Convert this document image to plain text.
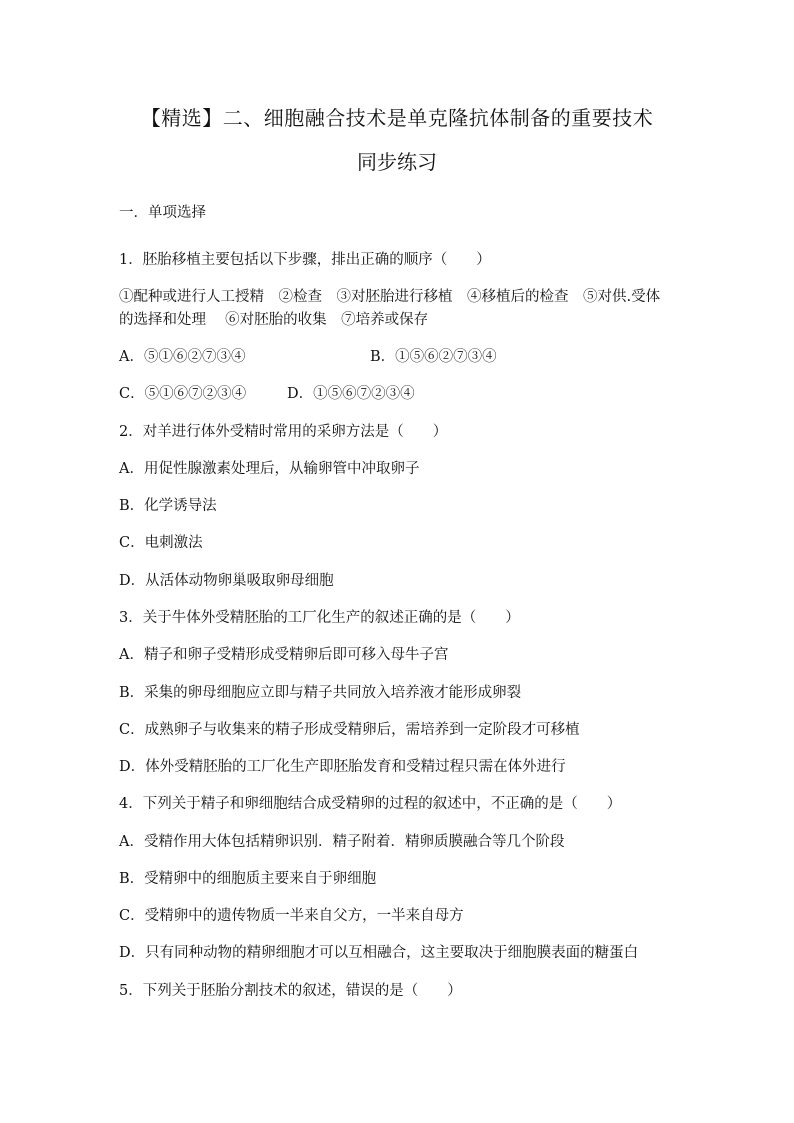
【精选】二、细胞融合技术是单克隆抗体制备的重要技术
同步练习
一．单项选择
1．胚胎移植主要包括以下步骤，排出正确的顺序（　　）
①配种或进行人工授精　②检查　③对胚胎进行移植　④移植后的检查　⑤对供.受体
的选择和处理　 ⑥对胚胎的收集　⑦培养或保存
A．⑤①⑥②⑦③④	B．①⑤⑥②⑦③④
C．⑤①⑥⑦②③④	D．①⑤⑥⑦②③④
2．对羊进行体外受精时常用的采卵方法是（　　）
A．用促性腺激素处理后，从输卵管中冲取卵子
B．化学诱导法
C．电刺激法
D．从活体动物卵巢吸取卵母细胞
3．关于牛体外受精胚胎的工厂化生产的叙述正确的是（　　）
A．精子和卵子受精形成受精卵后即可移入母牛子宫
B．采集的卵母细胞应立即与精子共同放入培养液才能形成卵裂
C．成熟卵子与收集来的精子形成受精卵后，需培养到一定阶段才可移植
D．体外受精胚胎的工厂化生产即胚胎发育和受精过程只需在体外进行
4．下列关于精子和卵细胞结合成受精卵的过程的叙述中，不正确的是（　　）
A．受精作用大体包括精卵识别．精子附着．精卵质膜融合等几个阶段
B．受精卵中的细胞质主要来自于卵细胞
C．受精卵中的遗传物质一半来自父方，一半来自母方
D．只有同种动物的精卵细胞才可以互相融合，这主要取决于细胞膜表面的糖蛋白
5．下列关于胚胎分割技术的叙述，错误的是（　　）
